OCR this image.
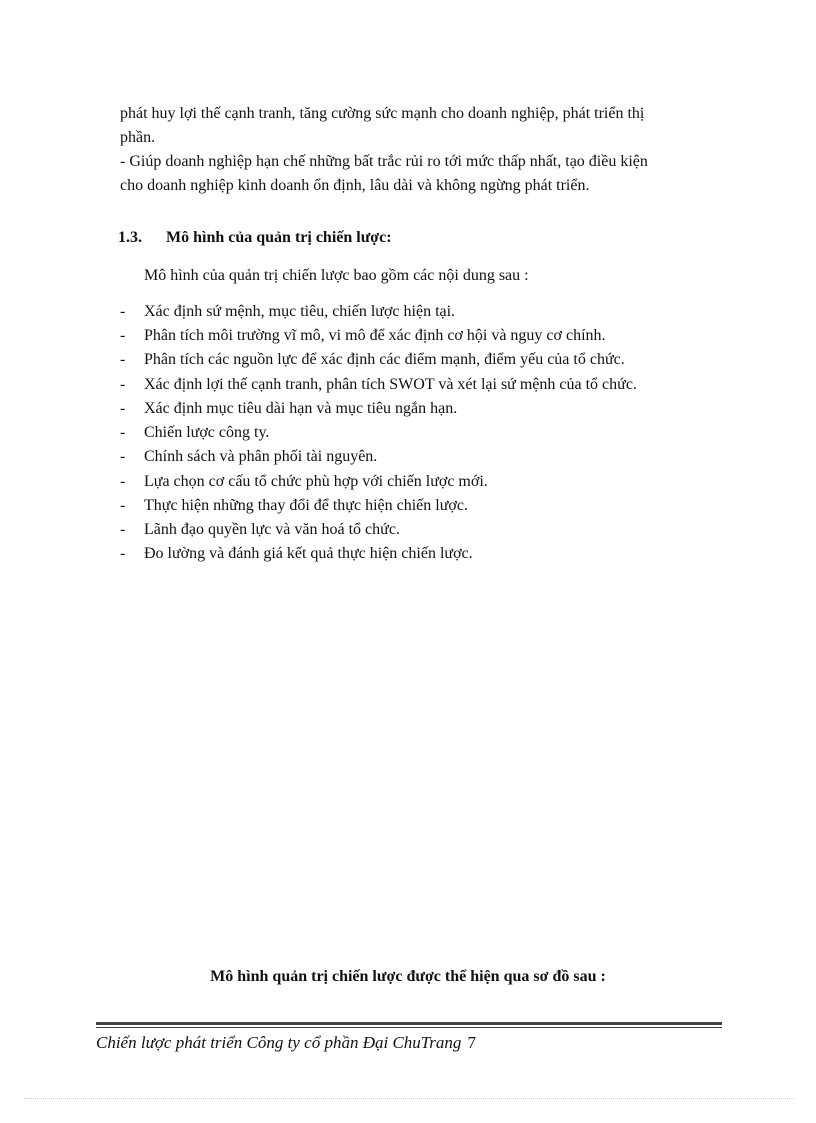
phát huy lợi thế cạnh tranh, tăng cường sức mạnh cho doanh nghiệp, phát triển thị
phần.
- Giúp doanh nghiệp hạn chế những bất trắc rủi ro tới mức thấp nhất, tạo điều kiện
cho doanh nghiệp kinh doanh ổn định, lâu dài và không ngừng phát triển.
1.3. Mô hình của quản trị chiến lược:
Mô hình của quản trị chiến lược bao gồm các nội dung sau :
- Xác định sứ mệnh, mục tiêu, chiến lược hiện tại.
- Phân tích môi trường vĩ mô, vi mô để xác định cơ hội và nguy cơ chính.
- Phân tích các nguồn lực để xác định các điểm mạnh, điểm yếu của tổ chức.
- Xác định lợi thế cạnh tranh, phân tích SWOT và xét lại sứ mệnh của tổ chức.
- Xác định mục tiêu dài hạn và mục tiêu ngắn hạn.
- Chiến lược công ty.
- Chính sách và phân phối tài nguyên.
- Lựa chọn cơ cấu tổ chức phù hợp với chiến lược mới.
- Thực hiện những thay đổi để thực hiện chiến lược.
- Lãnh đạo quyền lực và văn hoá tổ chức.
- Đo lường và đánh giá kết quả thực hiện chiến lược.
Mô hình quản trị chiến lược được thể hiện qua sơ đồ sau :
Chiến lược phát triển Công ty cổ phần Đại ChuTrang 7
